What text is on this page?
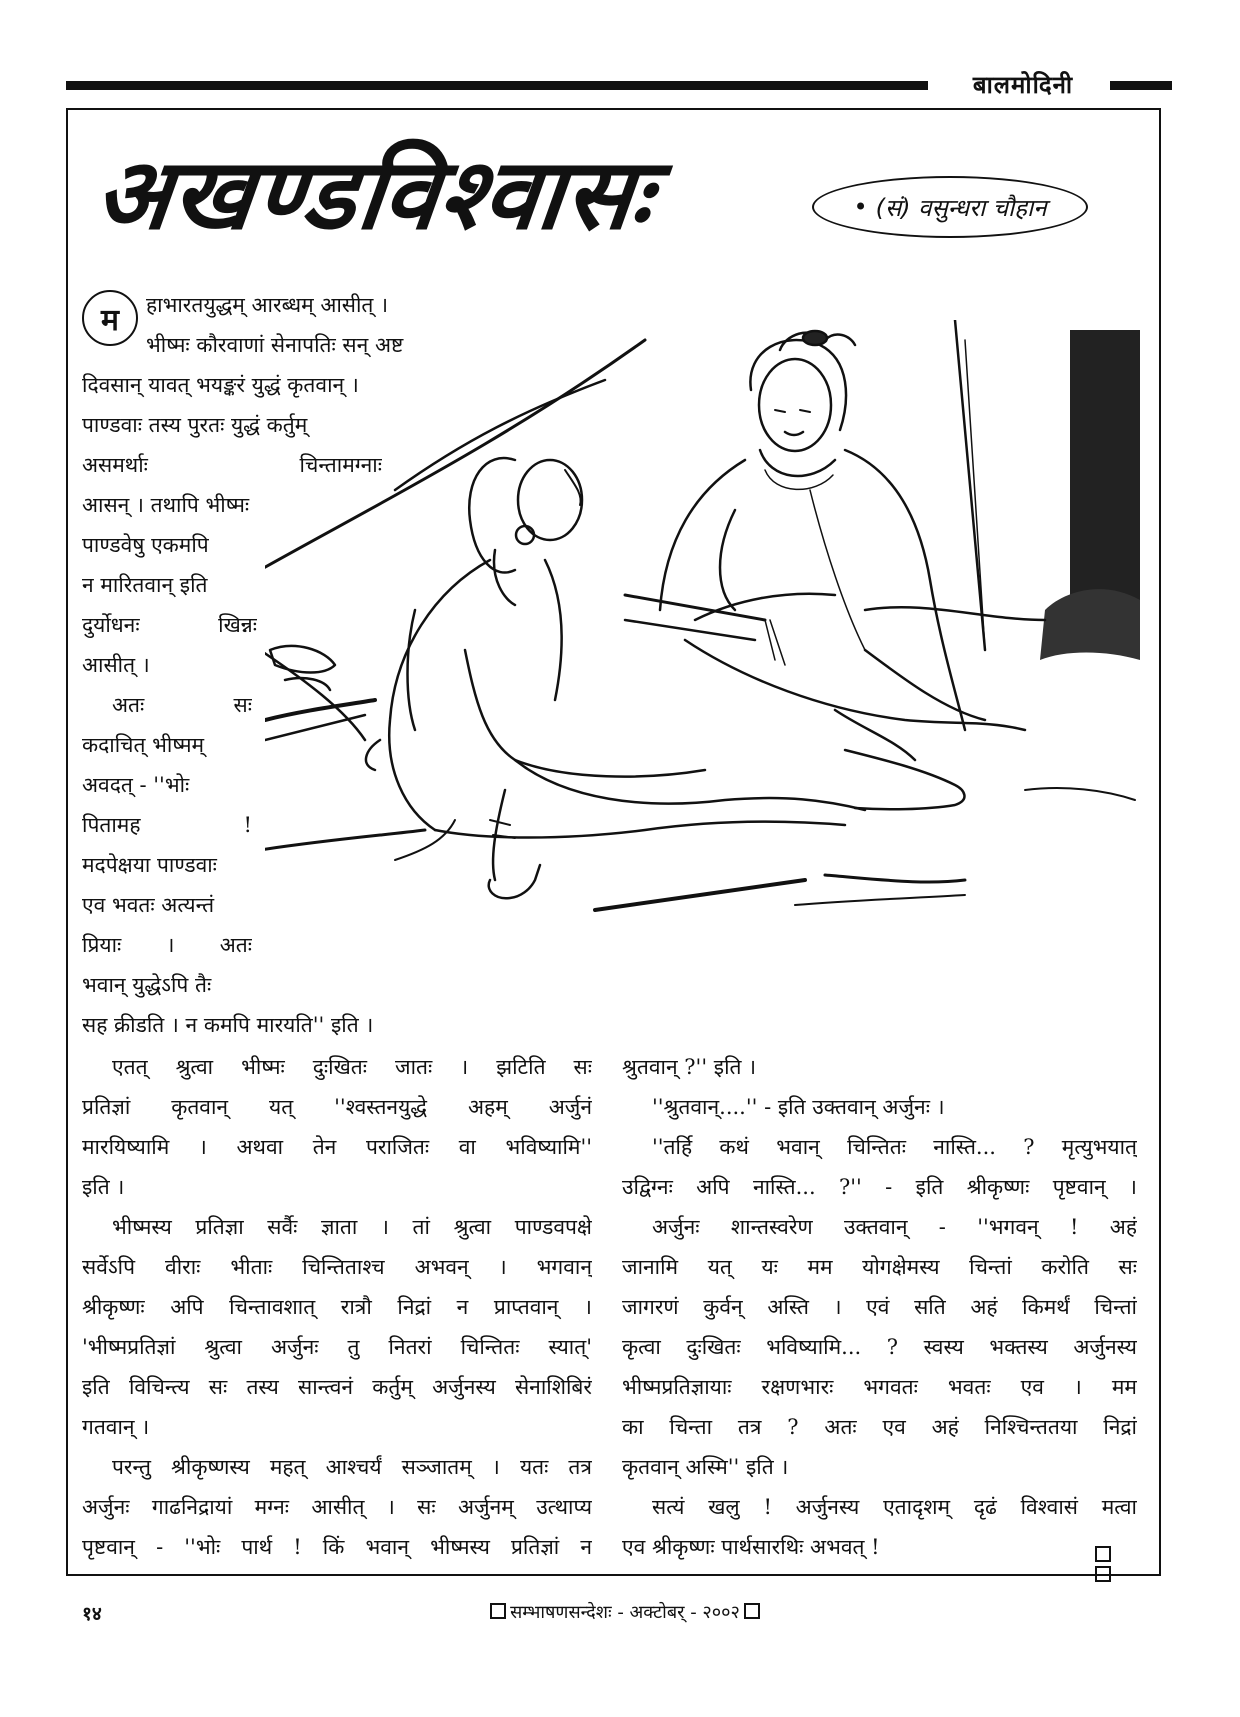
बालमोदिनी
अखण्डविश्वासः	• (सं) वसुन्धरा चौहान
म	हाभारतयुद्धम् आरब्धम् आसीत् ।
भीष्मः कौरवाणां सेनापतिः सन् अष्ट
दिवसान् यावत् भयङ्करं युद्धं कृतवान् ।
पाण्डवाः तस्य पुरतः युद्धं कर्तुम्
असमर्थाः चिन्तामग्नाः
आसन् । तथापि भीष्मः
पाण्डवेषु एकमपि
न मारितवान् इति
दुर्योधनः खिन्नः
आसीत् ।
अतः सः
कदाचित् भीष्मम्
अवदत् - ''भोः
पितामह !
मदपेक्षया पाण्डवाः
एव भवतः अत्यन्तं
प्रियाः । अतः
भवान् युद्धेऽपि तैः
सह क्रीडति । न कमपि मारयति'' इति ।
एतत् श्रुत्वा भीष्मः दुःखितः जातः । झटिति सः
प्रतिज्ञां कृतवान् यत् ''श्वस्तनयुद्धे अहम् अर्जुनं
मारयिष्यामि । अथवा तेन पराजितः वा भविष्यामि''
इति ।
भीष्मस्य प्रतिज्ञा सर्वैः ज्ञाता । तां श्रुत्वा पाण्डवपक्षे
सर्वेऽपि वीराः भीताः चिन्तिताश्च अभवन् । भगवान्
श्रीकृष्णः अपि चिन्तावशात् रात्रौ निद्रां न प्राप्तवान् ।
'भीष्मप्रतिज्ञां श्रुत्वा अर्जुनः तु नितरां चिन्तितः स्यात्'
इति विचिन्त्य सः तस्य सान्त्वनं कर्तुम् अर्जुनस्य सेनाशिबिरं
गतवान् ।
परन्तु श्रीकृष्णस्य महत् आश्चर्यं सञ्जातम् । यतः तत्र
अर्जुनः गाढनिद्रायां मग्नः आसीत् । सः अर्जुनम् उत्थाप्य
पृष्टवान् - ''भोः पार्थ ! किं भवान् भीष्मस्य प्रतिज्ञां न
श्रुतवान् ?'' इति ।
''श्रुतवान्....'' - इति उक्तवान् अर्जुनः ।
''तर्हि कथं भवान् चिन्तितः नास्ति... ? मृत्युभयात्
उद्विग्नः अपि नास्ति... ?'' - इति श्रीकृष्णः पृष्टवान् ।
अर्जुनः शान्तस्वरेण उक्तवान् - ''भगवन् ! अहं
जानामि यत् यः मम योगक्षेमस्य चिन्तां करोति सः
जागरणं कुर्वन् अस्ति । एवं सति अहं किमर्थं चिन्तां
कृत्वा दुःखितः भविष्यामि... ? स्वस्य भक्तस्य अर्जुनस्य
भीष्मप्रतिज्ञायाः रक्षणभारः भगवतः भवतः एव । मम
का चिन्ता तत्र ? अतः एव अहं निश्चिन्ततया निद्रां
कृतवान् अस्मि'' इति ।
सत्यं खलु ! अर्जुनस्य एतादृशम् दृढं विश्वासं मत्वा
एव श्रीकृष्णः पार्थसारथिः अभवत् !
१४	सम्भाषणसन्देशः - अक्टोबर् - २००२
